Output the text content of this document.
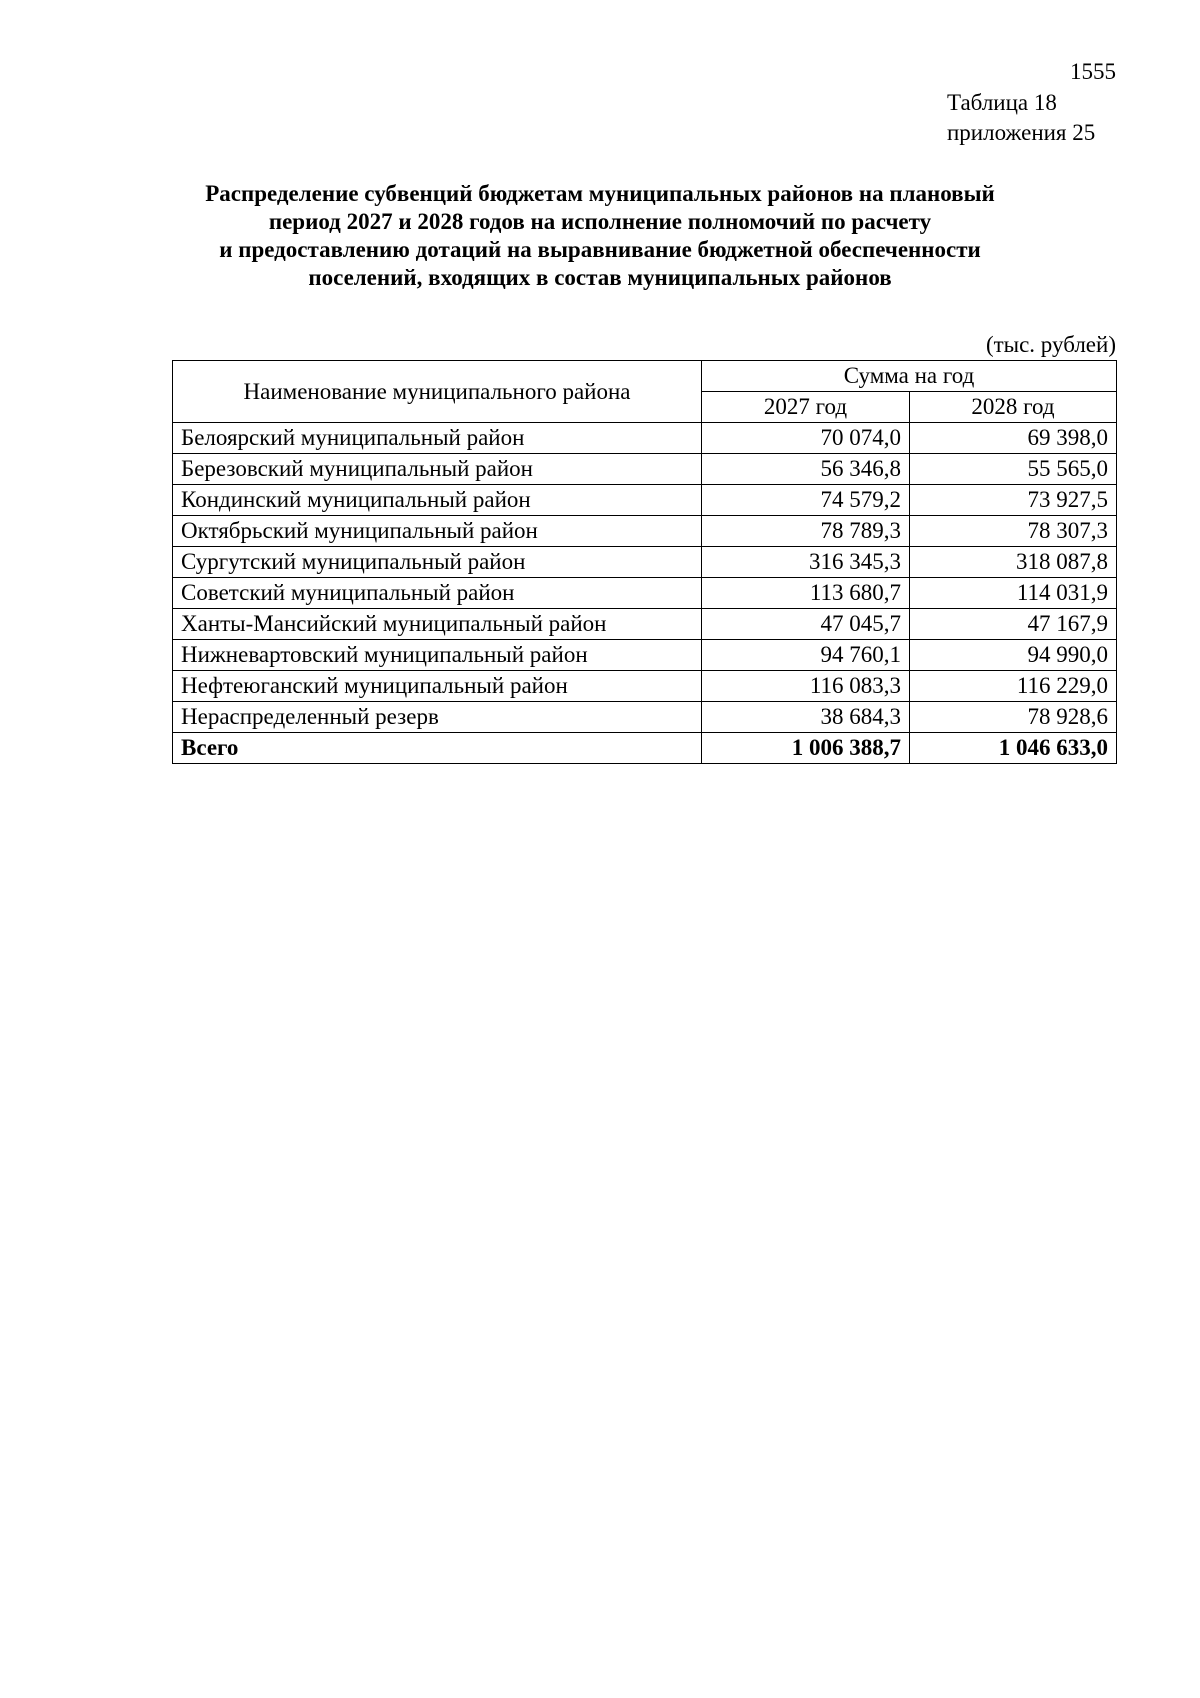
1555
Таблица 18
приложения 25
Распределение субвенций бюджетам муниципальных районов на плановый
период 2027 и 2028 годов на исполнение полномочий по расчету
и предоставлению дотаций на выравнивание бюджетной обеспеченности
поселений, входящих в состав муниципальных районов
(тыс. рублей)
Наименование муниципального района	Сумма на год	
	2027 год	2028 год
Белоярский муниципальный район	70 074,0	69 398,0
Березовский муниципальный район	56 346,8	55 565,0
Кондинский муниципальный район	74 579,2	73 927,5
Октябрьский муниципальный район	78 789,3	78 307,3
Сургутский муниципальный район	316 345,3	318 087,8
Советский муниципальный район	113 680,7	114 031,9
Ханты-Мансийский муниципальный район	47 045,7	47 167,9
Нижневартовский муниципальный район	94 760,1	94 990,0
Нефтеюганский муниципальный район	116 083,3	116 229,0
Нераспределенный резерв	38 684,3	78 928,6
Всего	1 006 388,7	1 046 633,0
